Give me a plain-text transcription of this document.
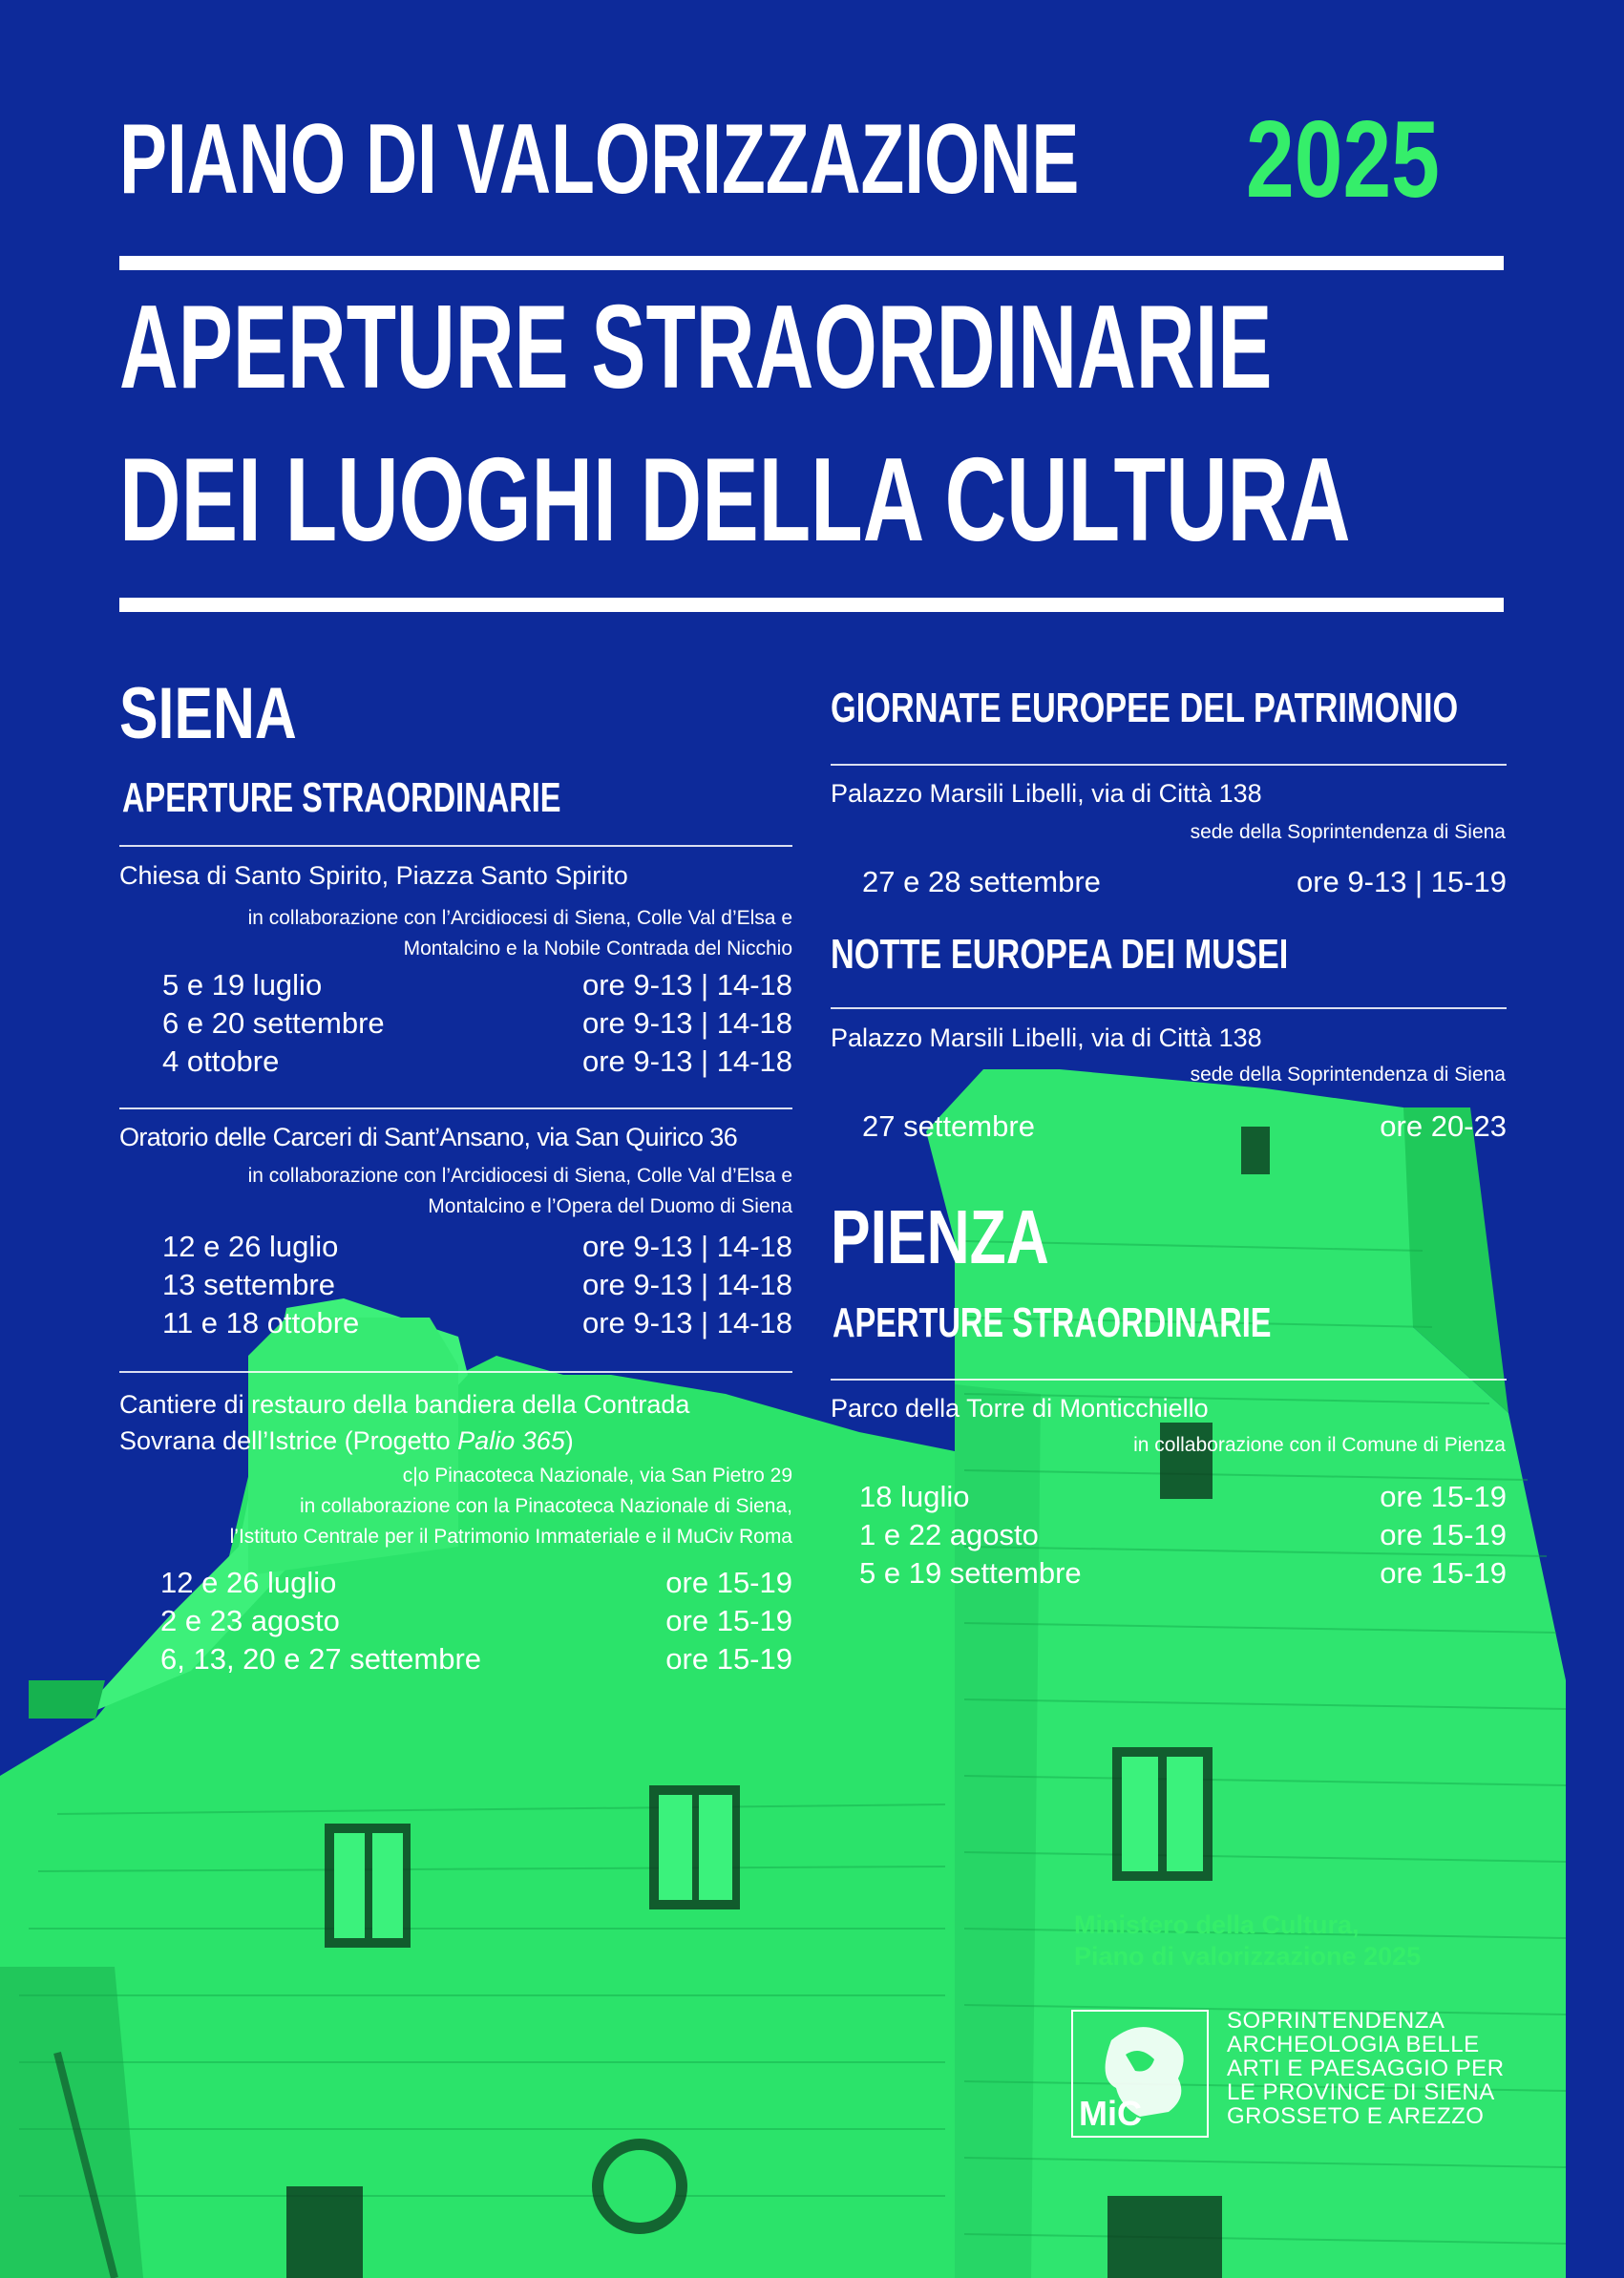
PIANO DI VALORIZZAZIONE	2025
APERTURE STRAORDINARIE
DEI LUOGHI DELLA CULTURA
SIENA
APERTURE STRAORDINARIE
Chiesa di Santo Spirito, Piazza Santo Spirito
in collaborazione con l’Arcidiocesi di Siena, Colle Val d’Elsa e
Montalcino e la Nobile Contrada del Nicchio
5 e 19 luglio	ore 9-13 | 14-18
6 e 20 settembre	ore 9-13 | 14-18
4 ottobre	ore 9-13 | 14-18
Oratorio delle Carceri di Sant’Ansano, via San Quirico 36
in collaborazione con l’Arcidiocesi di Siena, Colle Val d’Elsa e
Montalcino e l’Opera del Duomo di Siena
12 e 26 luglio	ore 9-13 | 14-18
13 settembre	ore 9-13 | 14-18
11 e 18 ottobre	ore 9-13 | 14-18
Cantiere di restauro della bandiera della Contrada
Sovrana dell’Istrice (Progetto Palio 365)
c|o Pinacoteca Nazionale, via San Pietro 29
in collaborazione con la Pinacoteca Nazionale di Siena,
l’Istituto Centrale per il Patrimonio Immateriale e il MuCiv Roma
12 e 26 luglio	ore 15-19
2 e 23 agosto	ore 15-19
6, 13, 20 e 27 settembre	ore 15-19
GIORNATE EUROPEE DEL PATRIMONIO
Palazzo Marsili Libelli, via di Città 138
sede della Soprintendenza di Siena
27 e 28 settembre	ore 9-13 | 15-19
NOTTE EUROPEA DEI MUSEI
Palazzo Marsili Libelli, via di Città 138
sede della Soprintendenza di Siena
27 settembre	ore 20-23
PIENZA
APERTURE STRAORDINARIE
Parco della Torre di Monticchiello
in collaborazione con il Comune di Pienza
18 luglio	ore 15-19
1 e 22 agosto	ore 15-19
5 e 19 settembre	ore 15-19
Ministero della Cultura,
Piano di valorizzazione 2025
MiC
SOPRINTENDENZA
ARCHEOLOGIA BELLE
ARTI E PAESAGGIO PER
LE PROVINCE DI SIENA
GROSSETO E AREZZO
